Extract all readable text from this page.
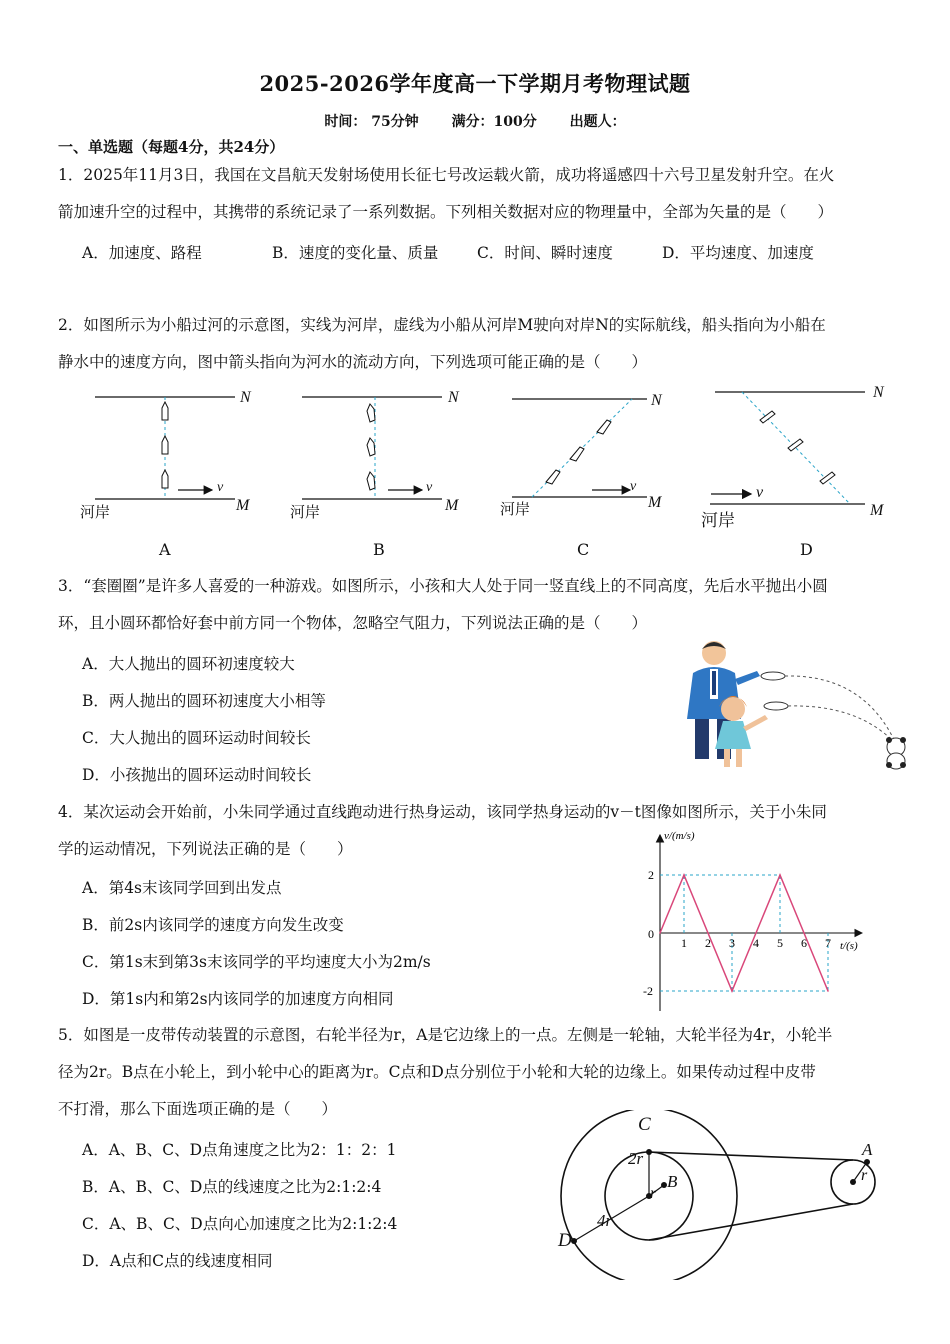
2025-2026学年度高一下学期月考物理试题
时间： 75分钟 满分：100分 出题人：
一、单选题（每题4分，共24分）
1．2025年11月3日，我国在文昌航天发射场使用长征七号改运载火箭，成功将遥感四十六号卫星发射升空。在火
箭加速升空的过程中，其携带的系统记录了一系列数据。下列相关数据对应的物理量中，全部为矢量的是（　　）
A．加速度、路程	B．速度的变化量、质量 C．时间、瞬时速度	D．平均速度、加速度
2．如图所示为小船过河的示意图，实线为河岸，虚线为小船从河岸M驶向对岸N的实际航线，船头指向为小船在
静水中的速度方向，图中箭头指向为河水的流动方向，下列选项可能正确的是（　　）
N
M
v
河岸
N
M
v
河岸
N
M
v
河岸
N
M
v
河岸
A	B	C	D
3．“套圈圈”是许多人喜爱的一种游戏。如图所示，小孩和大人处于同一竖直线上的不同高度，先后水平抛出小圆
环，且小圆环都恰好套中前方同一个物体，忽略空气阻力，下列说法正确的是（　　）
A．大人抛出的圆环初速度较大
B．两人抛出的圆环初速度大小相等
C．大人抛出的圆环运动时间较长
D．小孩抛出的圆环运动时间较长
4．某次运动会开始前，小朱同学通过直线跑动进行热身运动，该同学热身运动的v－t图像如图所示，关于小朱同
学的运动情况，下列说法正确的是（　　）
A．第4s末该同学回到出发点
B．前2s内该同学的速度方向发生改变
C．第1s末到第3s末该同学的平均速度大小为2m/s
D．第1s内和第2s内该同学的加速度方向相同
0
1 2 3 4 5 6 7
2
-2
v/(m/s)
t/(s)
5．如图是一皮带传动装置的示意图，右轮半径为r，A是它边缘上的一点。左侧是一轮轴，大轮半径为4r，小轮半
径为2r。B点在小轮上，到小轮中心的距离为r。C点和D点分别位于小轮和大轮的边缘上。如果传动过程中皮带
不打滑，那么下面选项正确的是（　　）
A．A、B、C、D点角速度之比为2：1：2：1
B．A、B、C、D点的线速度之比为2:1:2:4
C．A、B、C、D点向心加速度之比为2:1:2:4
D．A点和C点的线速度相同
C
2r
B
r
4r
D
A
r
